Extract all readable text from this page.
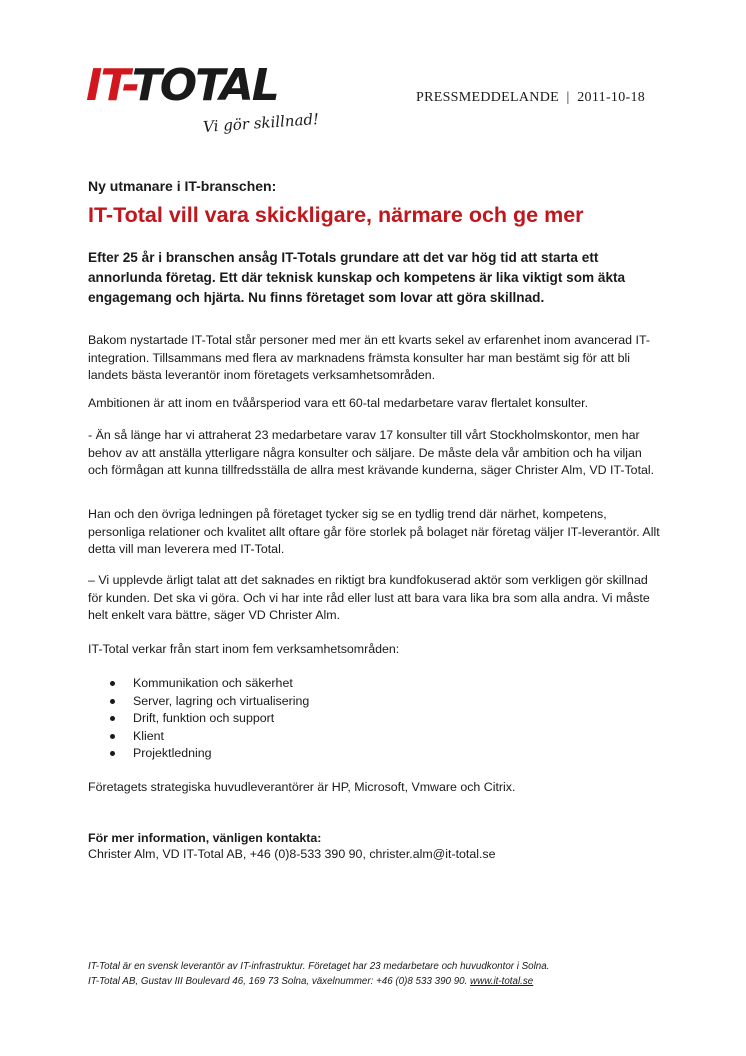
IT-TOTAL
Vi gör skillnad!
PRESSMEDDELANDE  |  2011-10-18
Ny utmanare i IT-branschen:
IT-Total vill vara skickligare, närmare och ge mer
Efter 25 år i branschen ansåg IT-Totals grundare att det var hög tid att starta ett annorlunda företag. Ett där teknisk kunskap och kompetens är lika viktigt som äkta engagemang och hjärta. Nu finns företaget som lovar att göra skillnad.
Bakom nystartade IT-Total står personer med mer än ett kvarts sekel av erfarenhet inom avancerad IT-integration. Tillsammans med flera av marknadens främsta konsulter har man bestämt sig för att bli landets bästa leverantör inom företagets verksamhetsområden.
Ambitionen är att inom en tvåårsperiod vara ett 60-tal medarbetare varav flertalet konsulter.
- Än så länge har vi attraherat 23 medarbetare varav 17 konsulter till vårt Stockholmskontor, men har behov av att anställa ytterligare några konsulter och säljare. De måste dela vår ambition och ha viljan och förmågan att kunna tillfredsställa de allra mest krävande kunderna, säger Christer Alm, VD IT-Total.
Han och den övriga ledningen på företaget tycker sig se en tydlig trend där närhet, kompetens, personliga relationer och kvalitet allt oftare går före storlek på bolaget när företag väljer IT-leverantör. Allt detta vill man leverera med IT-Total.
– Vi upplevde ärligt talat att det saknades en riktigt bra kundfokuserad aktör som verkligen gör skillnad för kunden. Det ska vi göra. Och vi har inte råd eller lust att bara vara lika bra som alla andra. Vi måste helt enkelt vara bättre, säger VD Christer Alm.
IT-Total verkar från start inom fem verksamhetsområden:
Kommunikation och säkerhet
Server, lagring och virtualisering
Drift, funktion och support
Klient
Projektledning
Företagets strategiska huvudleverantörer är HP, Microsoft, Vmware och Citrix.
För mer information, vänligen kontakta:
Christer Alm, VD IT-Total AB, +46 (0)8-533 390 90, christer.alm@it-total.se
IT-Total är en svensk leverantör av IT-infrastruktur. Företaget har 23 medarbetare och huvudkontor i Solna.
IT-Total AB, Gustav III Boulevard 46, 169 73 Solna, växelnummer: +46 (0)8 533 390 90. www.it-total.se
